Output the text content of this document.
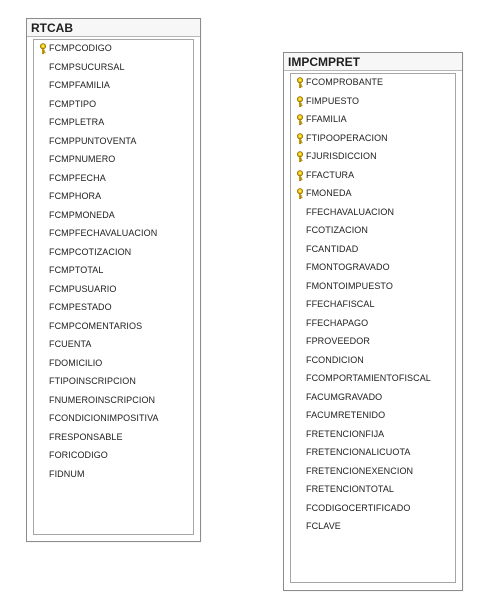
RTCAB
FCMPCODIGO
FCMPSUCURSAL
FCMPFAMILIA
FCMPTIPO
FCMPLETRA
FCMPPUNTOVENTA
FCMPNUMERO
FCMPFECHA
FCMPHORA
FCMPMONEDA
FCMPFECHAVALUACION
FCMPCOTIZACION
FCMPTOTAL
FCMPUSUARIO
FCMPESTADO
FCMPCOMENTARIOS
FCUENTA
FDOMICILIO
FTIPOINSCRIPCION
FNUMEROINSCRIPCION
FCONDICIONIMPOSITIVA
FRESPONSABLE
FORICODIGO
FIDNUM
IMPCMPRET
FCOMPROBANTE
FIMPUESTO
FFAMILIA
FTIPOOPERACION
FJURISDICCION
FFACTURA
FMONEDA
FFECHAVALUACION
FCOTIZACION
FCANTIDAD
FMONTOGRAVADO
FMONTOIMPUESTO
FFECHAFISCAL
FFECHAPAGO
FPROVEEDOR
FCONDICION
FCOMPORTAMIENTOFISCAL
FACUMGRAVADO
FACUMRETENIDO
FRETENCIONFIJA
FRETENCIONALICUOTA
FRETENCIONEXENCION
FRETENCIONTOTAL
FCODIGOCERTIFICADO
FCLAVE
